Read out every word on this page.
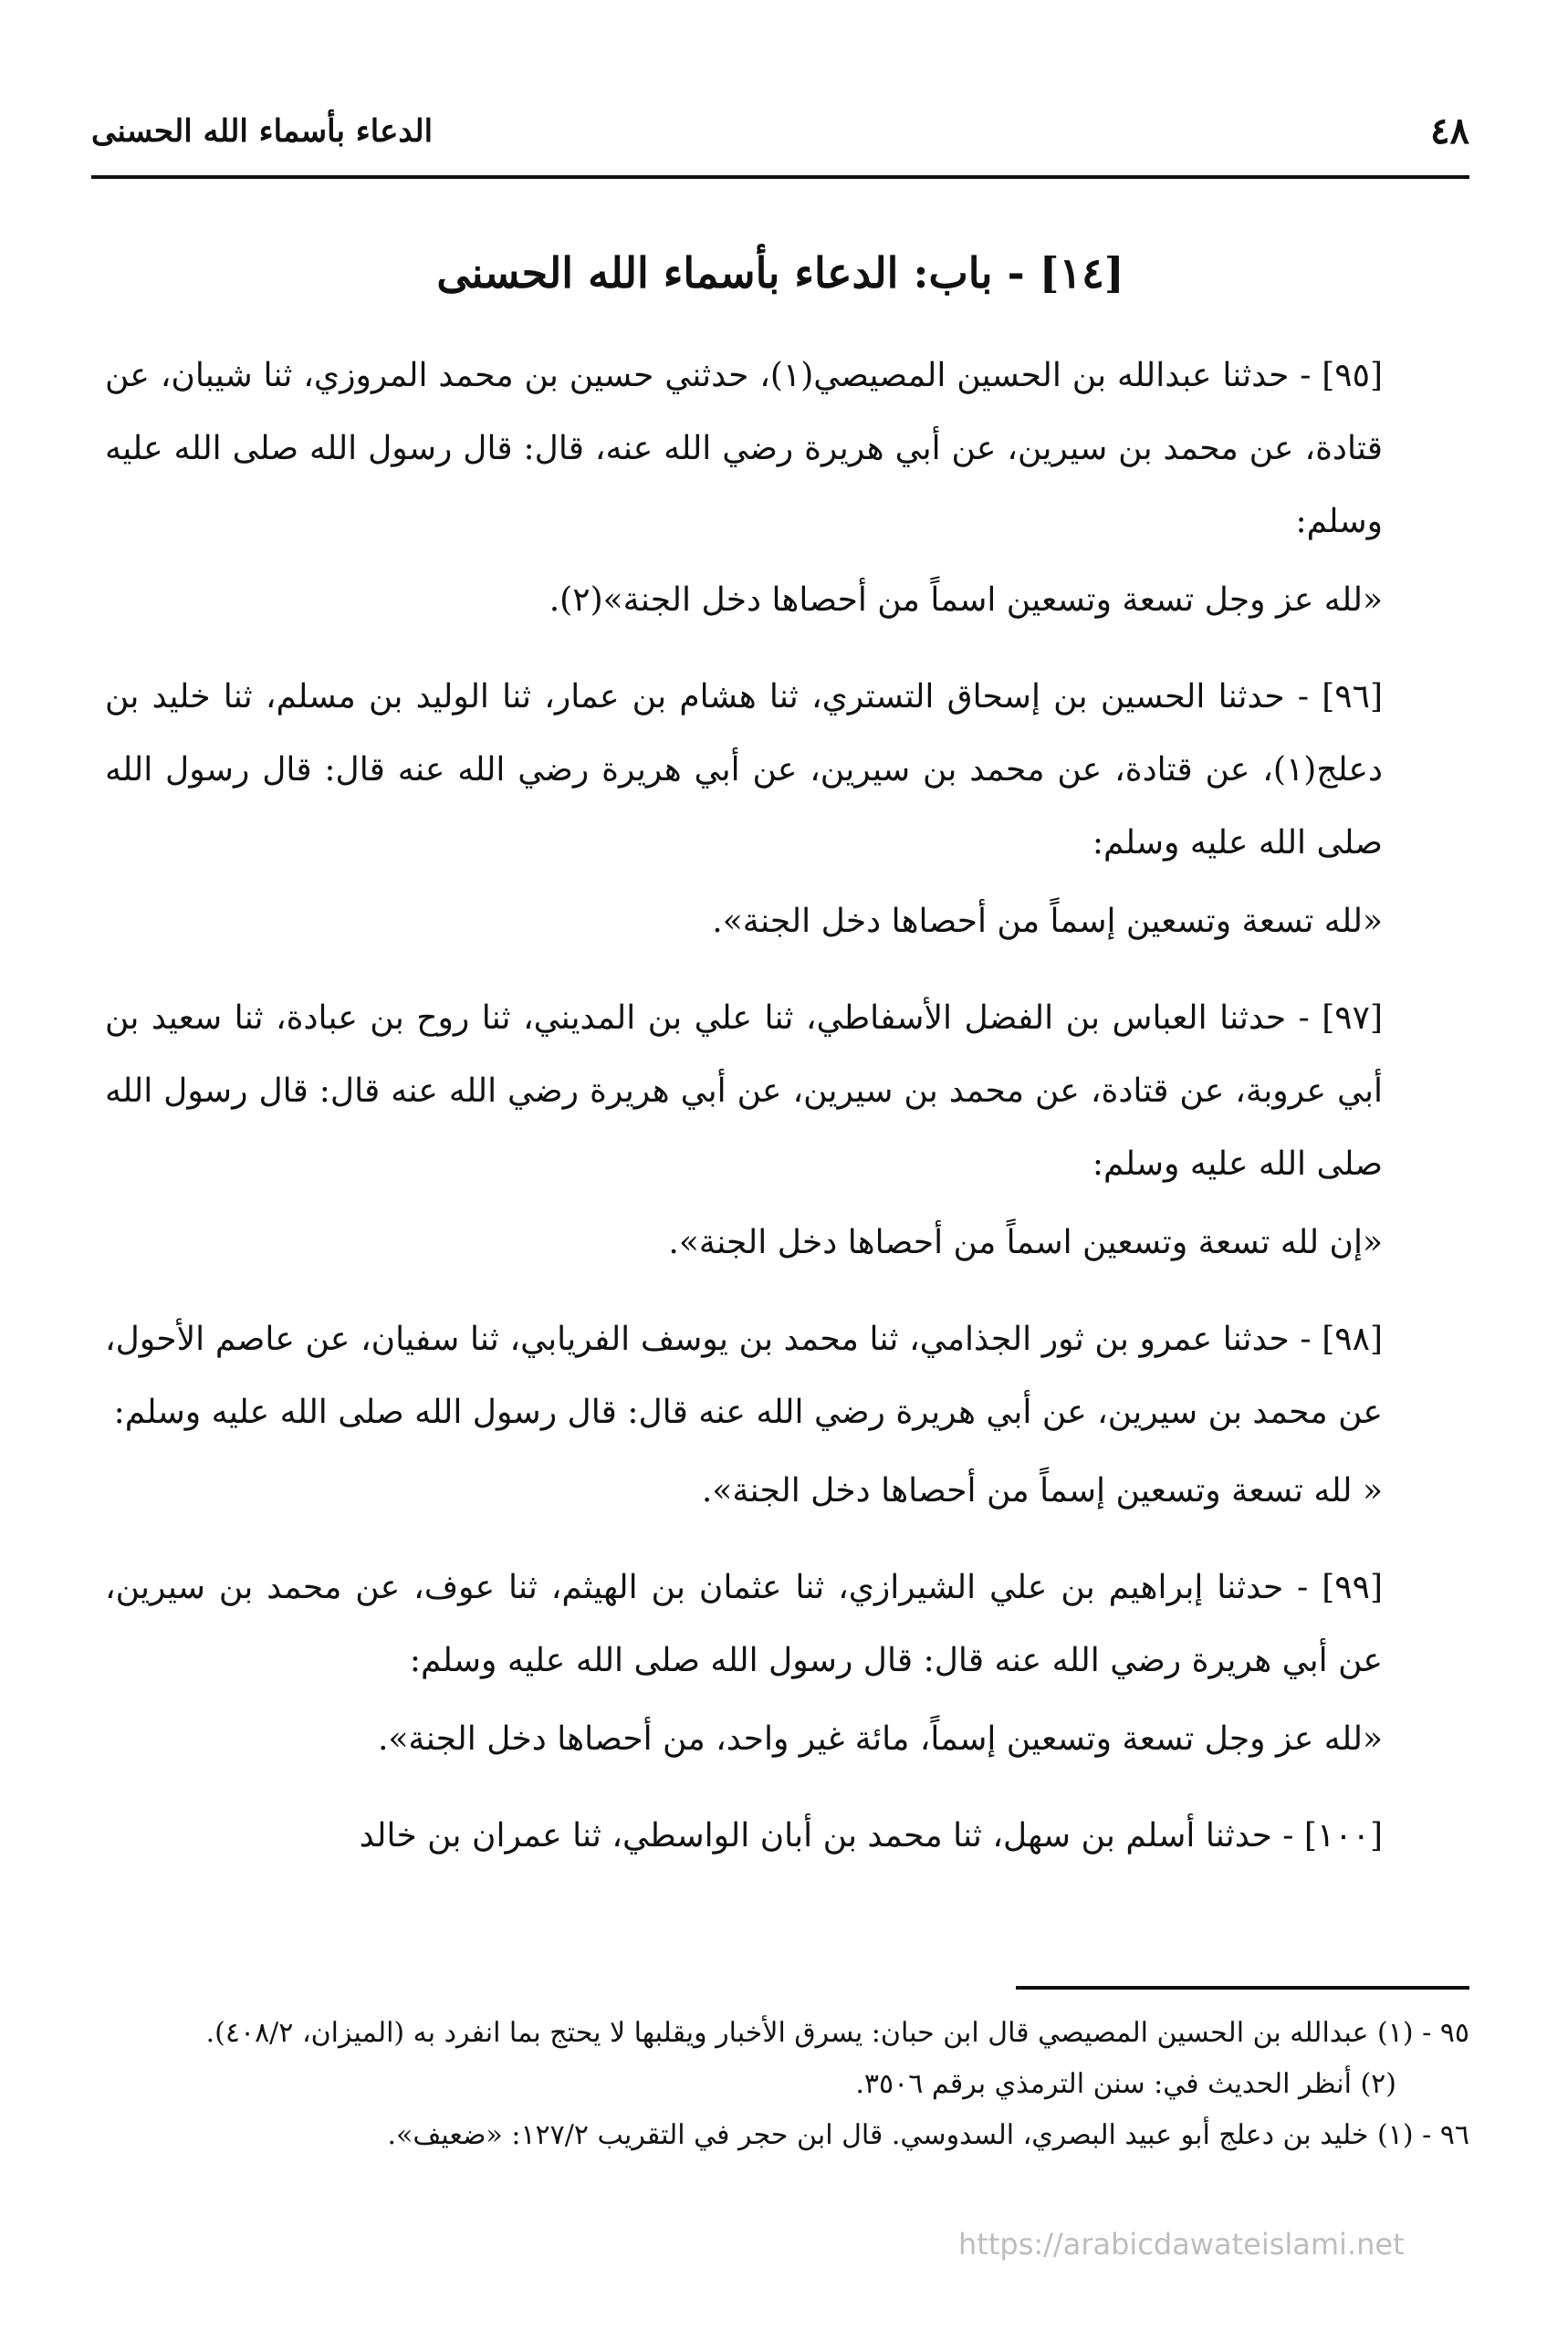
٤٨
الدعاء بأسماء الله الحسنى
[١٤] - باب: الدعاء بأسماء الله الحسنى
[٩٥] - حدثنا عبدالله بن الحسين المصيصي(١)، حدثني حسين بن محمد المروزي، ثنا شيبان، عن قتادة، عن محمد بن سيرين، عن أبي هريرة رضي الله عنه، قال: قال رسول الله صلى الله عليه وسلم:
«لله عز وجل تسعة وتسعين اسماً من أحصاها دخل الجنة»(٢).
[٩٦] - حدثنا الحسين بن إسحاق التستري، ثنا هشام بن عمار، ثنا الوليد بن مسلم، ثنا خليد بن دعلج(١)، عن قتادة، عن محمد بن سيرين، عن أبي هريرة رضي الله عنه قال: قال رسول الله صلى الله عليه وسلم:
«لله تسعة وتسعين إسماً من أحصاها دخل الجنة».
[٩٧] - حدثنا العباس بن الفضل الأسفاطي، ثنا علي بن المديني، ثنا روح بن عبادة، ثنا سعيد بن أبي عروبة، عن قتادة، عن محمد بن سيرين، عن أبي هريرة رضي الله عنه قال: قال رسول الله صلى الله عليه وسلم:
«إن لله تسعة وتسعين اسماً من أحصاها دخل الجنة».
[٩٨] - حدثنا عمرو بن ثور الجذامي، ثنا محمد بن يوسف الفريابي، ثنا سفيان، عن عاصم الأحول، عن محمد بن سيرين، عن أبي هريرة رضي الله عنه قال: قال رسول الله صلى الله عليه وسلم:
« لله تسعة وتسعين إسماً من أحصاها دخل الجنة».
[٩٩] - حدثنا إبراهيم بن علي الشيرازي، ثنا عثمان بن الهيثم، ثنا عوف، عن محمد بن سيرين، عن أبي هريرة رضي الله عنه قال: قال رسول الله صلى الله عليه وسلم:
«لله عز وجل تسعة وتسعين إسماً، مائة غير واحد، من أحصاها دخل الجنة».
[١٠٠] - حدثنا أسلم بن سهل، ثنا محمد بن أبان الواسطي، ثنا عمران بن خالد

٩٥ - (١) عبدالله بن الحسين المصيصي قال ابن حبان: يسرق الأخبار ويقلبها لا يحتج بما انفرد به (الميزان، ٤٠٨/٢).

(٢) أنظر الحديث في: سنن الترمذي برقم ٣٥٠٦.

٩٦ - (١) خليد بن دعلج أبو عبيد البصري، السدوسي. قال ابن حجر في التقريب ١٢٧/٢: «ضعيف».

https://arabicdawateislami.net
